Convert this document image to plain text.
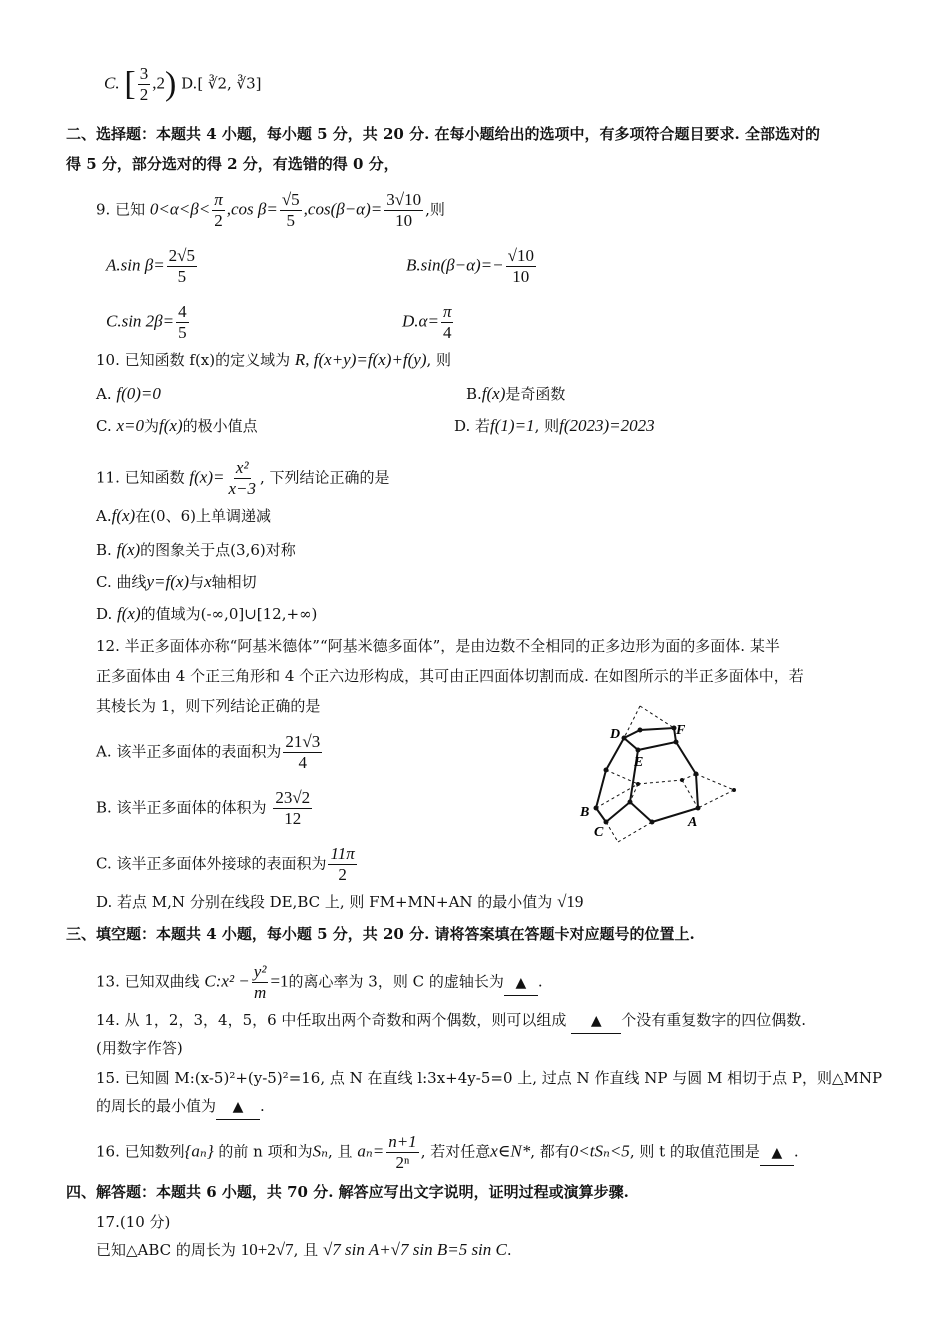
C. [ $\frac{3}{2} ,2$) D.[ ∛2, ∛3]
二、选择题：本题共 4 小题，每小题 5 分，共 20 分. 在每小题给出的选项中，有多项符合题目要求. 全部选对的
得 5 分，部分选对的得 2 分，有选错的得 0 分，
9. 已知 $0<\alpha<\beta< \frac{\pi}{2} ,\cos$ $\beta= \frac{√5}{5} ,\cos(\beta-\alpha)= \frac{3√10}{10}$ ,则
A.sin $\beta= \frac{2√5}{5}$	$B.\sin(\beta-\alpha)=- \frac{√10}{10}$
C.sin $2\beta= \frac{4}{5}$	$D.\alpha= \frac{\pi}{4}$
10. 已知函数 f(x)的定义域为 R, f(x+y)=f(x)+f(y), 则
A. f(0)=0	B.f(x)是奇函数
C. x=0为f(x)的极小值点	D. 若f(1)=1, 则f(2023)=2023
11. 已知函数 $f(x)= \frac{\text{x²}}{x-3}$ , 下列结论正确的是
A.f(x)在(0、6)上单调递减
B. f(x)的图象关于点(3,6)对称
C. 曲线y=f(x)与x轴相切
D. f(x)的值域为(-∞,0]∪[12,+∞)
12. 半正多面体亦称“阿基米德体”“阿基米德多面体”，是由边数不全相同的正多边形为面的多面体. 某半
正多面体由 4 个正三角形和 4 个正六边形构成，其可由正四面体切割而成. 在如图所示的半正多面体中，若
其棱长为 1，则下列结论正确的是
A. 该半正多面体的表面积为 $\frac{21√3}{4}$
B. 该半正多面体的体积为 $\frac{23√2}{12}$
C. 该半正多面体外接球的表面积为 $\frac{11\pi}{2}$
D. 若点 M,N 分别在线段 DE,BC 上, 则 FM+MN+AN 的最小值为 √19
D	F
E
B
C
A
三、填空题：本题共 4 小题，每小题 5 分，共 20 分. 请将答案填在答题卡对应题号的位置上.
13. 已知双曲线 C:x² − $\frac{\text{y²}}{m} =1$的离心率为 3，则 C 的虚轴长为 ▲ .
14. 从 1，2，3，4，5，6 中任取出两个奇数和两个偶数，则可以组成 ▲ 个没有重复数字的四位偶数.
(用数字作答)
15. 已知圆 M:(x-5)²+(y-5)²=16, 点 N 在直线 l:3x+4y-5=0 上, 过点 N 作直线 NP 与圆 M 相切于点 P，则△MNP
的周长的最小值为 ▲ .
16. 已知数列{aₙ} 的前 n 项和为Sₙ, 且 $a_n= \frac{n+1}{\text{2ⁿ}}$ , 若对任意x∈N*, 都有0<tSₙ<5, 则 t 的取值范围是 ▲ .
四、解答题：本题共 6 小题，共 70 分. 解答应写出文字说明，证明过程或演算步骤.
17.(10 分)
已知△ABC 的周长为 10+2√7, 且 √7 sin A+√7 sin B=5 sin C.
